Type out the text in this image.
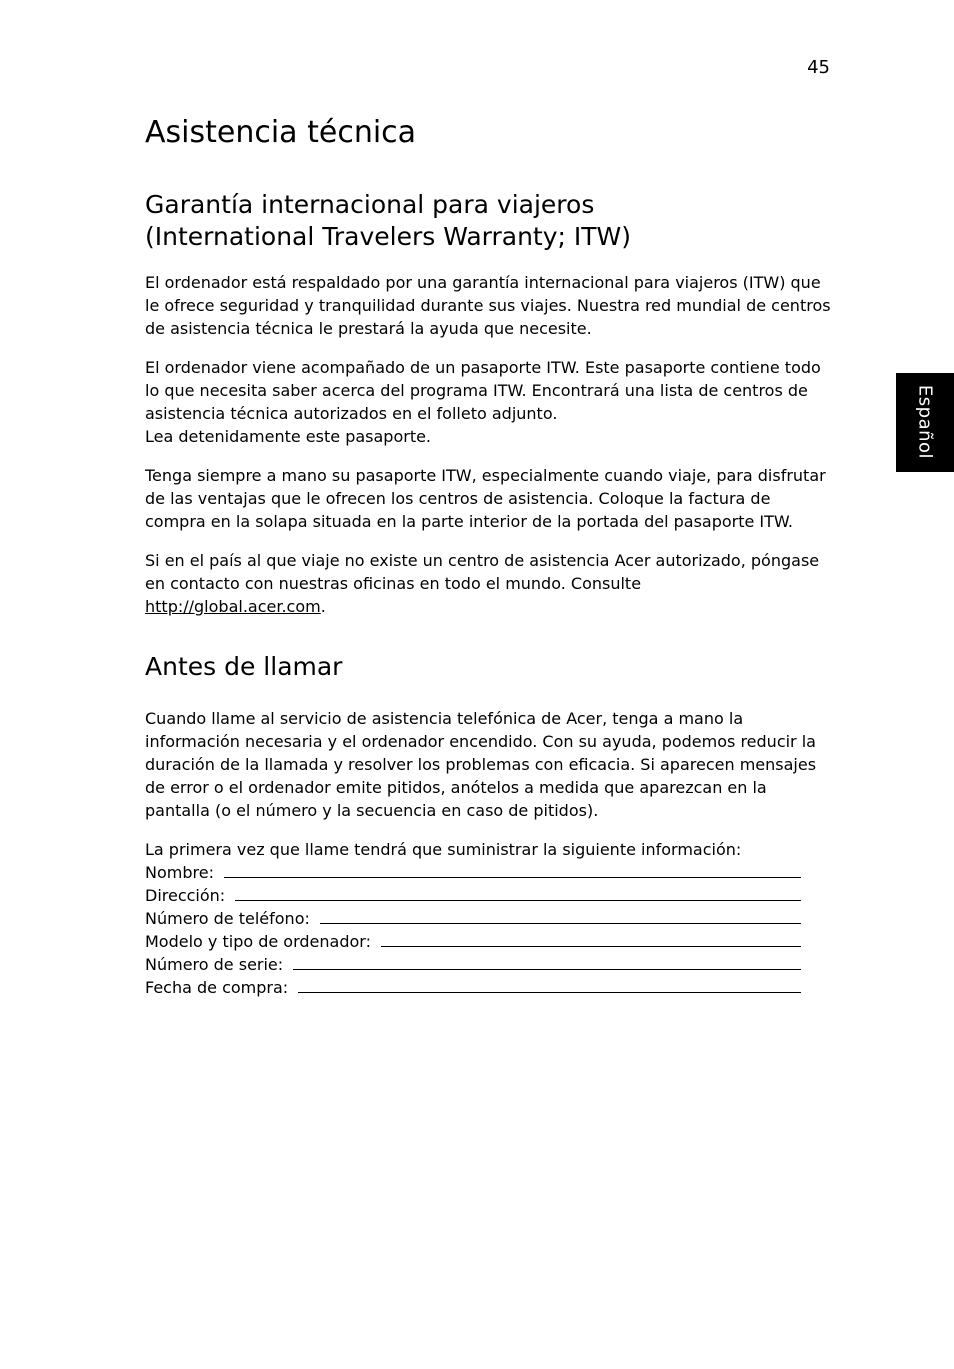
45
Español
Asistencia técnica
Garantía internacional para viajeros
(International Travelers Warranty; ITW)

El ordenador está respaldado por una garantía internacional para viajeros (ITW) que le ofrece seguridad y tranquilidad durante sus viajes. Nuestra red mundial de centros de asistencia técnica le prestará la ayuda que necesite.

El ordenador viene acompañado de un pasaporte ITW. Este pasaporte contiene todo lo que necesita saber acerca del programa ITW. Encontrará una lista de centros de asistencia técnica autorizados en el folleto adjunto.
Lea detenidamente este pasaporte.

Tenga siempre a mano su pasaporte ITW, especialmente cuando viaje, para disfrutar de las ventajas que le ofrecen los centros de asistencia. Coloque la factura de compra en la solapa situada en la parte interior de la portada del pasaporte ITW.

Si en el país al que viaje no existe un centro de asistencia Acer autorizado, póngase en contacto con nuestras oficinas en todo el mundo. Consulte
http://global.acer.com.

Antes de llamar

Cuando llame al servicio de asistencia telefónica de Acer, tenga a mano la información necesaria y el ordenador encendido. Con su ayuda, podemos reducir la duración de la llamada y resolver los problemas con eficacia. Si aparecen mensajes de error o el ordenador emite pitidos, anótelos a medida que aparezcan en la pantalla (o el número y la secuencia en caso de pitidos).

La primera vez que llame tendrá que suministrar la siguiente información:

Nombre:
Dirección:
Número de teléfono:
Modelo y tipo de ordenador:
Número de serie:
Fecha de compra:
